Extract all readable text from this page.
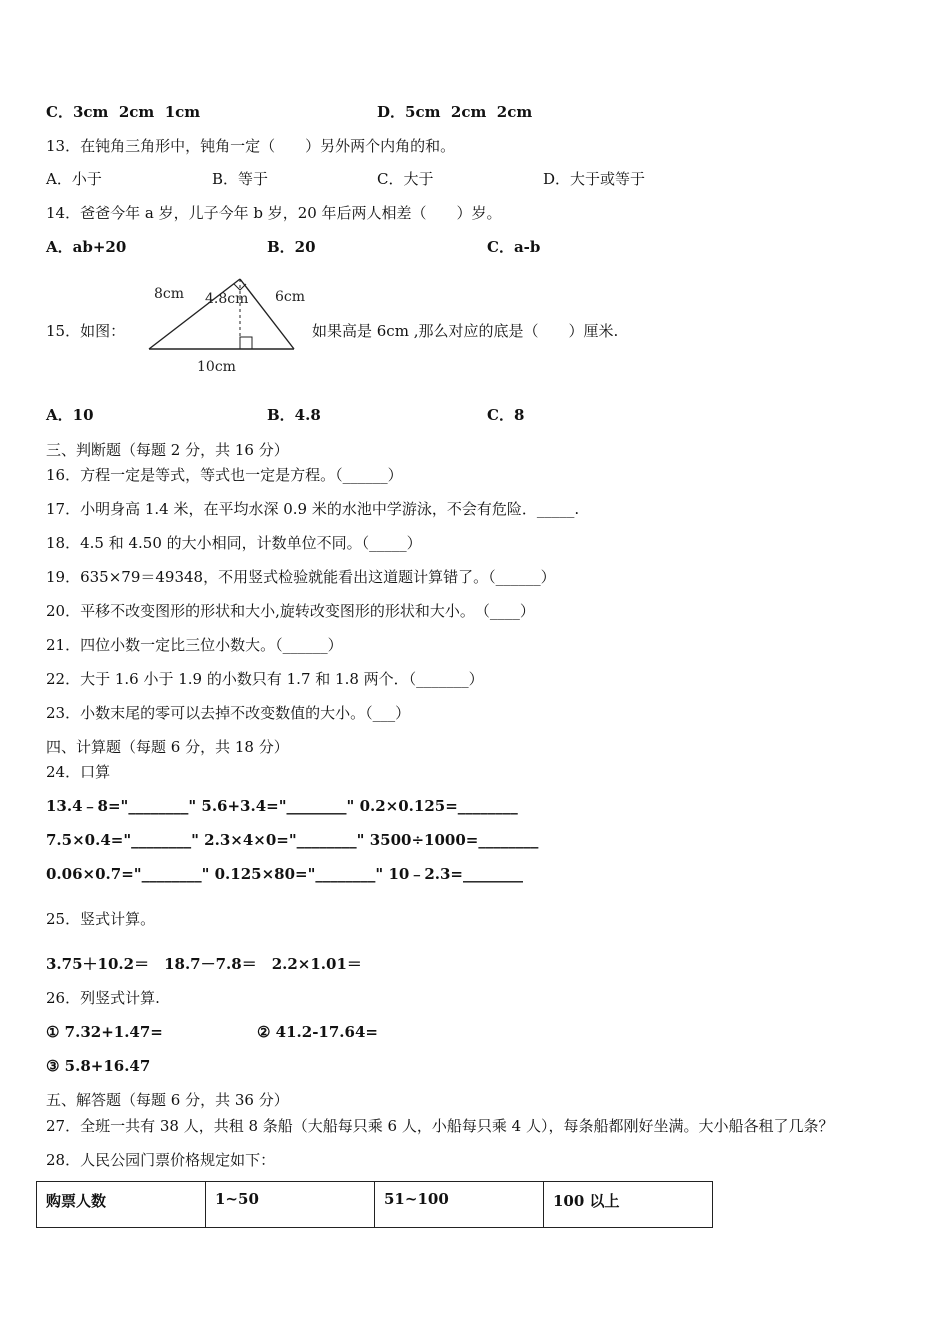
C．3cm  2cm  1cm	D．5cm  2cm  2cm
13．在钝角三角形中，钝角一定（　　）另外两个内角的和。
A．小于	B．等于	C．大于	D．大于或等于
14．爸爸今年 a 岁，儿子今年 b 岁，20 年后两人相差（　　）岁。
A．ab+20	B．20	C．a-b
15．如图：
8cm 4.8cm 6cm
10cm
如果高是 6cm ,那么对应的底是（　　）厘米.
A．10	B．4.8	C．8
三、判断题（每题 2 分，共 16 分）
16．方程一定是等式，等式也一定是方程。（______）
17．小明身高 1.4 米，在平均水深 0.9 米的水池中学游泳，不会有危险．_____.
18．4.5 和 4.50 的大小相同，计数单位不同。（_____）
19．635×79＝49348，不用竖式检验就能看出这道题计算错了。（______）
20．平移不改变图形的形状和大小,旋转改变图形的形状和大小。　（____）
21．四位小数一定比三位小数大。（______）
22．大于 1.6 小于 1.9 的小数只有 1.7 和 1.8 两个．（_______）
23．小数末尾的零可以去掉不改变数值的大小。（___）
四、计算题（每题 6 分，共 18 分）
24．口算
13.4﹣8="________" 5.6+3.4="________" 0.2×0.125=________
7.5×0.4="________" 2.3×4×0="________" 3500÷1000=________
0.06×0.7="________" 0.125×80="________" 10﹣2.3=________
25．竖式计算。
3.75＋10.2＝　18.7－7.8＝　2.2×1.01＝
26．列竖式计算.
① 7.32+1.47=	② 41.2-17.64=
③ 5.8+16.47
五、解答题（每题 6 分，共 36 分）
27．全班一共有 38 人，共租 8 条船（大船每只乘 6 人，小船每只乘 4 人），每条船都刚好坐满。大小船各租了几条？
28．人民公园门票价格规定如下：
购票人数	1~50	51~100	100 以上
